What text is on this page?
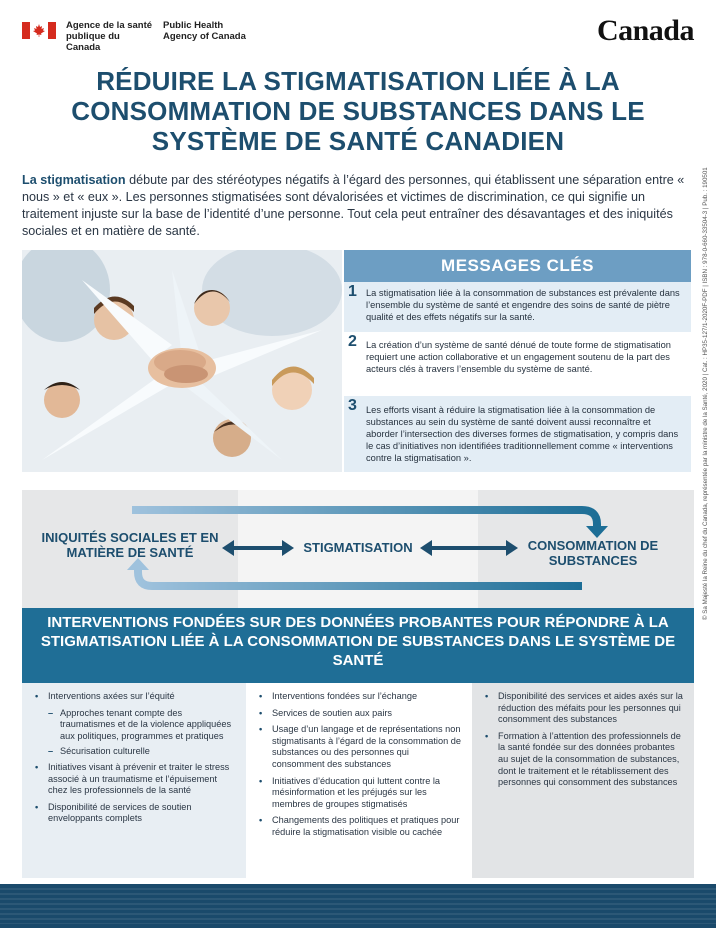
Agence de la santé publique du Canada
Public Health Agency of Canada	Canada
RÉDUIRE LA STIGMATISATION LIÉE À LA CONSOMMATION DE SUBSTANCES DANS LE SYSTÈME DE SANTÉ CANADIEN

La stigmatisation débute par des stéréotypes négatifs à l’égard des personnes, qui établissent une séparation entre « nous » et « eux ». Les personnes stigmatisées sont dévalorisées et victimes de discrimination, ce qui signifie un traitement injuste sur la base de l’identité d’une personne. Tout cela peut entraîner des désavantages et des iniquités sociales et en matière de santé.

MESSAGES CLÉS
1 La stigmatisation liée à la consommation de substances est prévalente dans l’ensemble du système de santé et engendre des soins de santé de piètre qualité et des effets négatifs sur la santé.
2 La création d’un système de santé dénué de toute forme de stigmatisation requiert une action collaborative et un engagement soutenu de la part des acteurs clés à travers l’ensemble du système de santé.
3 Les efforts visant à réduire la stigmatisation liée à la consommation de substances au sein du système de santé doivent aussi reconnaître et aborder l’intersection des diverses formes de stigmatisation, y compris dans le cas d’initiatives non identifiées traditionnellement comme « interventions contre la stigmatisation ».
INIQUITÉS SOCIALES ET EN MATIÈRE DE SANTÉ	STIGMATISATION	CONSOMMATION DE SUBSTANCES
INTERVENTIONS FONDÉES SUR DES DONNÉES PROBANTES POUR RÉPONDRE À LA STIGMATISATION LIÉE À LA CONSOMMATION DE SUBSTANCES DANS LE SYSTÈME DE SANTÉ
• Interventions axées sur l’équité
– Approches tenant compte des traumatismes et de la violence appliquées aux politiques, programmes et pratiques
– Sécurisation culturelle
• Initiatives visant à prévenir et traiter le stress associé à un traumatisme et l’épuisement chez les professionnels de la santé
• Disponibilité de services de soutien enveloppants complets
• Interventions fondées sur l’échange
• Services de soutien aux pairs
• Usage d’un langage et de représentations non stigmatisants à l’égard de la consommation de substances ou des personnes qui consomment des substances
• Initiatives d’éducation qui luttent contre la mésinformation et les préjugés sur les membres de groupes stigmatisés
• Changements des politiques et pratiques pour réduire la stigmatisation visible ou cachée
• Disponibilité des services et aides axés sur la réduction des méfaits pour les personnes qui consomment des substances
• Formation à l’attention des professionnels de la santé fondée sur des données probantes au sujet de la consommation de substances, dont le traitement et le rétablissement des personnes qui consomment des substances
© Sa Majesté la Reine du chef du Canada, représentée par la ministre de la Santé, 2020 | Cat. : HP35-127/1-2020F-PDF | ISBN : 978-0-660-33504-3 | Pub. : 190501
